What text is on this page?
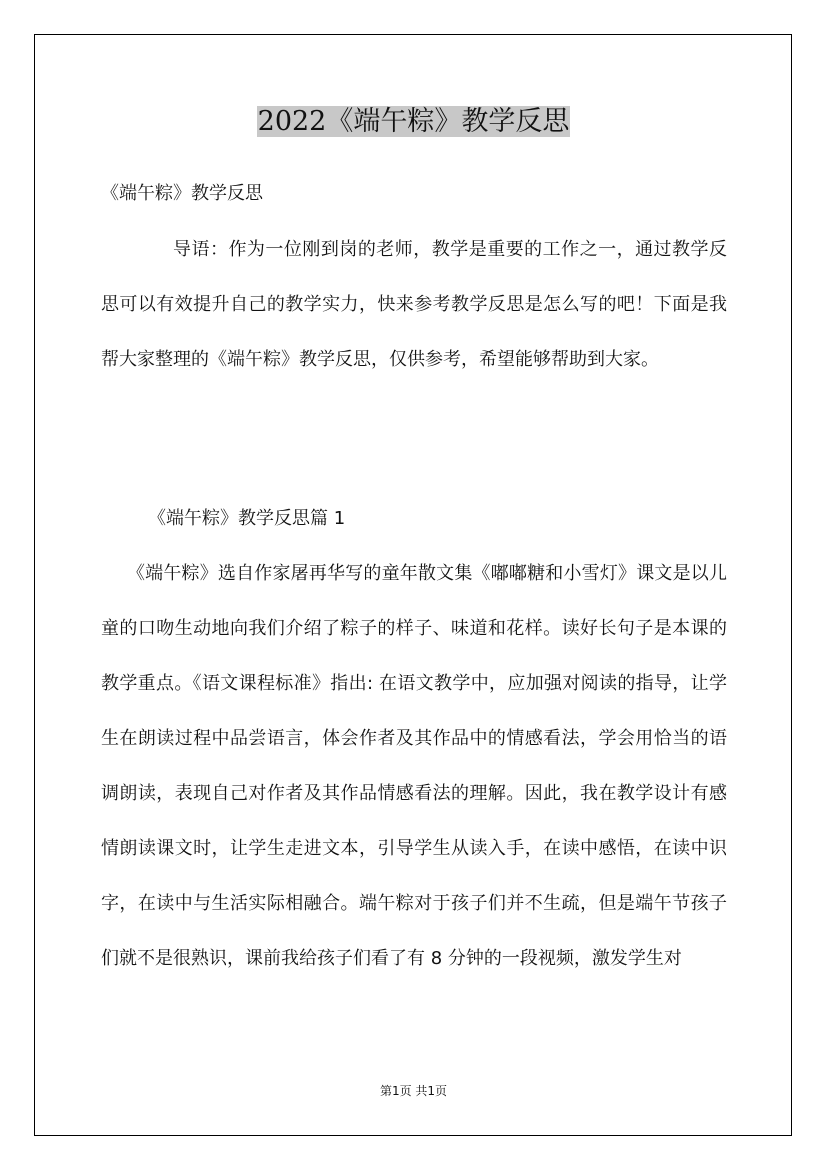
2022《端午粽》教学反思
《端午粽》教学反思

导语：作为一位刚到岗的老师，教学是重要的工作之一，通过教学反思可以有效提升自己的教学实力，快来参考教学反思是怎么写的吧！下面是我帮大家整理的《端午粽》教学反思，仅供参考，希望能够帮助到大家。

《端午粽》教学反思篇 1

《端午粽》选自作家屠再华写的童年散文集《嘟嘟糖和小雪灯》课文是以儿童的口吻生动地向我们介绍了粽子的样子、味道和花样。读好长句子是本课的教学重点。《语文课程标准》指出: 在语文教学中，应加强对阅读的指导，让学生在朗读过程中品尝语言，体会作者及其作品中的情感看法，学会用恰当的语调朗读，表现自己对作者及其作品情感看法的理解。因此，我在教学设计有感情朗读课文时，让学生走进文本，引导学生从读入手，在读中感悟，在读中识字，在读中与生活实际相融合。端午粽对于孩子们并不生疏，但是端午节孩子们就不是很熟识，课前我给孩子们看了有 8 分钟的一段视频，激发学生对

第1页 共1页
